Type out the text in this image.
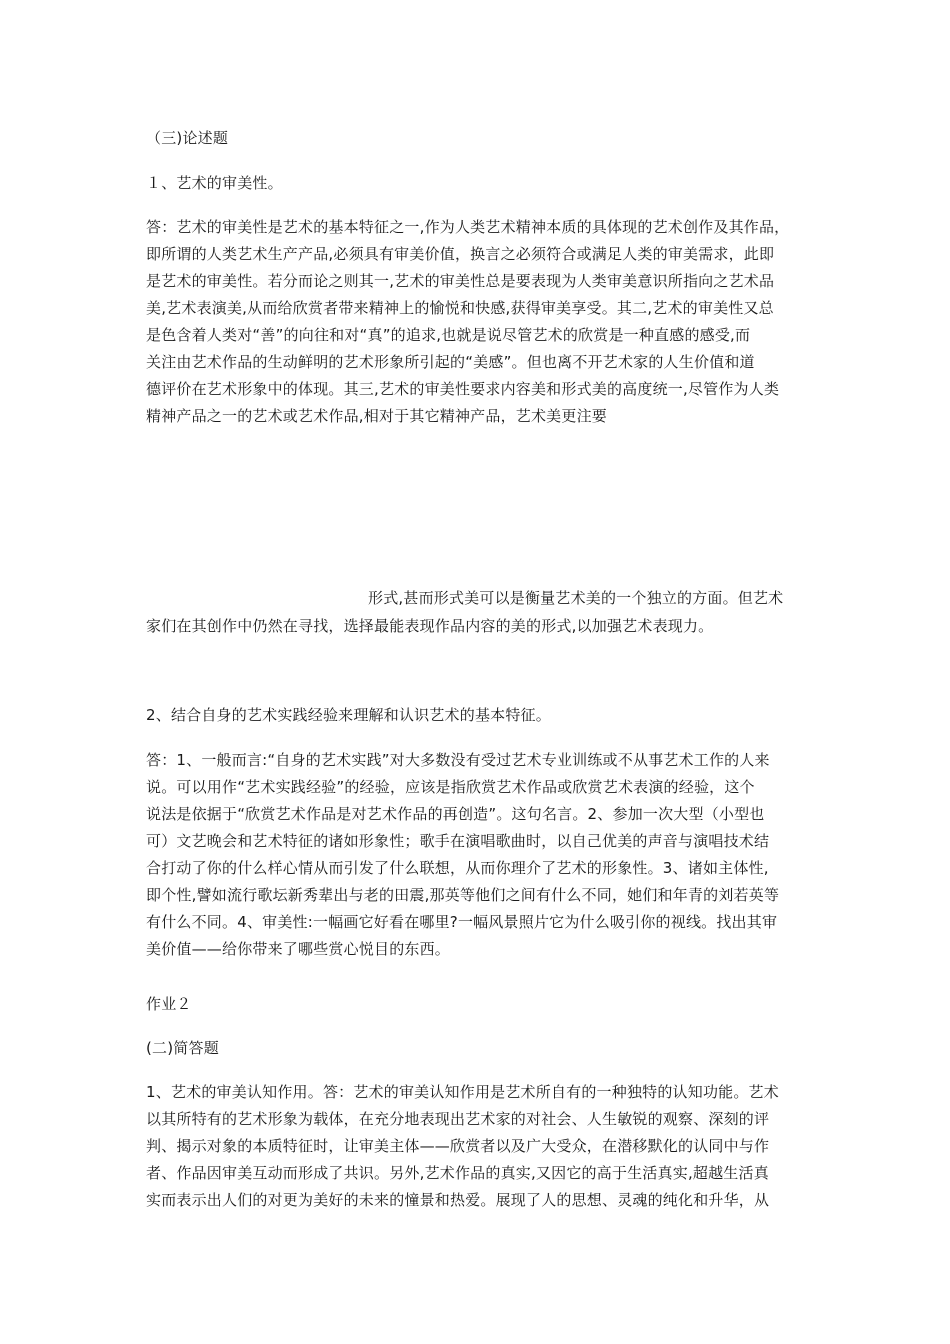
（三)论述题
１、艺术的审美性。
答：艺术的审美性是艺术的基本特征之一,作为人类艺术精神本质的具体现的艺术创作及其作品，
即所谓的人类艺术生产产品,必须具有审美价值，换言之必须符合或满足人类的审美需求，此即
是艺术的审美性。若分而论之则其一,艺术的审美性总是要表现为人类审美意识所指向之艺术品
美,艺术表演美,从而给欣赏者带来精神上的愉悦和快感,获得审美享受。其二,艺术的审美性又总
是色含着人类对“善”的向往和对“真”的追求,也就是说尽管艺术的欣赏是一种直感的感受,而
关注由艺术作品的生动鲜明的艺术形象所引起的“美感”。但也离不开艺术家的人生价值和道
德评价在艺术形象中的体现。其三,艺术的审美性要求内容美和形式美的高度统一,尽管作为人类
精神产品之一的艺术或艺术作品,相对于其它精神产品，艺术美更注要
形式,甚而形式美可以是衡量艺术美的一个独立的方面。但艺术
家们在其创作中仍然在寻找，选择最能表现作品内容的美的形式,以加强艺术表现力。
2、结合自身的艺术实践经验来理解和认识艺术的基本特征。
答：1、一般而言:“自身的艺术实践”对大多数没有受过艺术专业训练或不从事艺术工作的人来
说。可以用作“艺术实践经验”的经验，应该是指欣赏艺术作品或欣赏艺术表演的经验，这个
说法是依据于“欣赏艺术作品是对艺术作品的再创造”。这句名言。2、参加一次大型（小型也
可）文艺晚会和艺术特征的诸如形象性；歌手在演唱歌曲时，以自己优美的声音与演唱技术结
合打动了你的什么样心情从而引发了什么联想，从而你理介了艺术的形象性。3、诸如主体性,
即个性,譬如流行歌坛新秀辈出与老的田震,那英等他们之间有什么不同，她们和年青的刘若英等
有什么不同。4、审美性:一幅画它好看在哪里?一幅风景照片它为什么吸引你的视线。找出其审
美价值——给你带来了哪些赏心悦目的东西。
作业２
(二)简答题
1、艺术的审美认知作用。答：艺术的审美认知作用是艺术所自有的一种独特的认知功能。艺术
以其所特有的艺术形象为载体，在充分地表现出艺术家的对社会、人生敏锐的观察、深刻的评
判、揭示对象的本质特征时，让审美主体——欣赏者以及广大受众，在潜移默化的认同中与作
者、作品因审美互动而形成了共识。另外,艺术作品的真实,又因它的高于生活真实,超越生活真
实而表示出人们的对更为美好的未来的憧景和热爱。展现了人的思想、灵魂的纯化和升华，从
